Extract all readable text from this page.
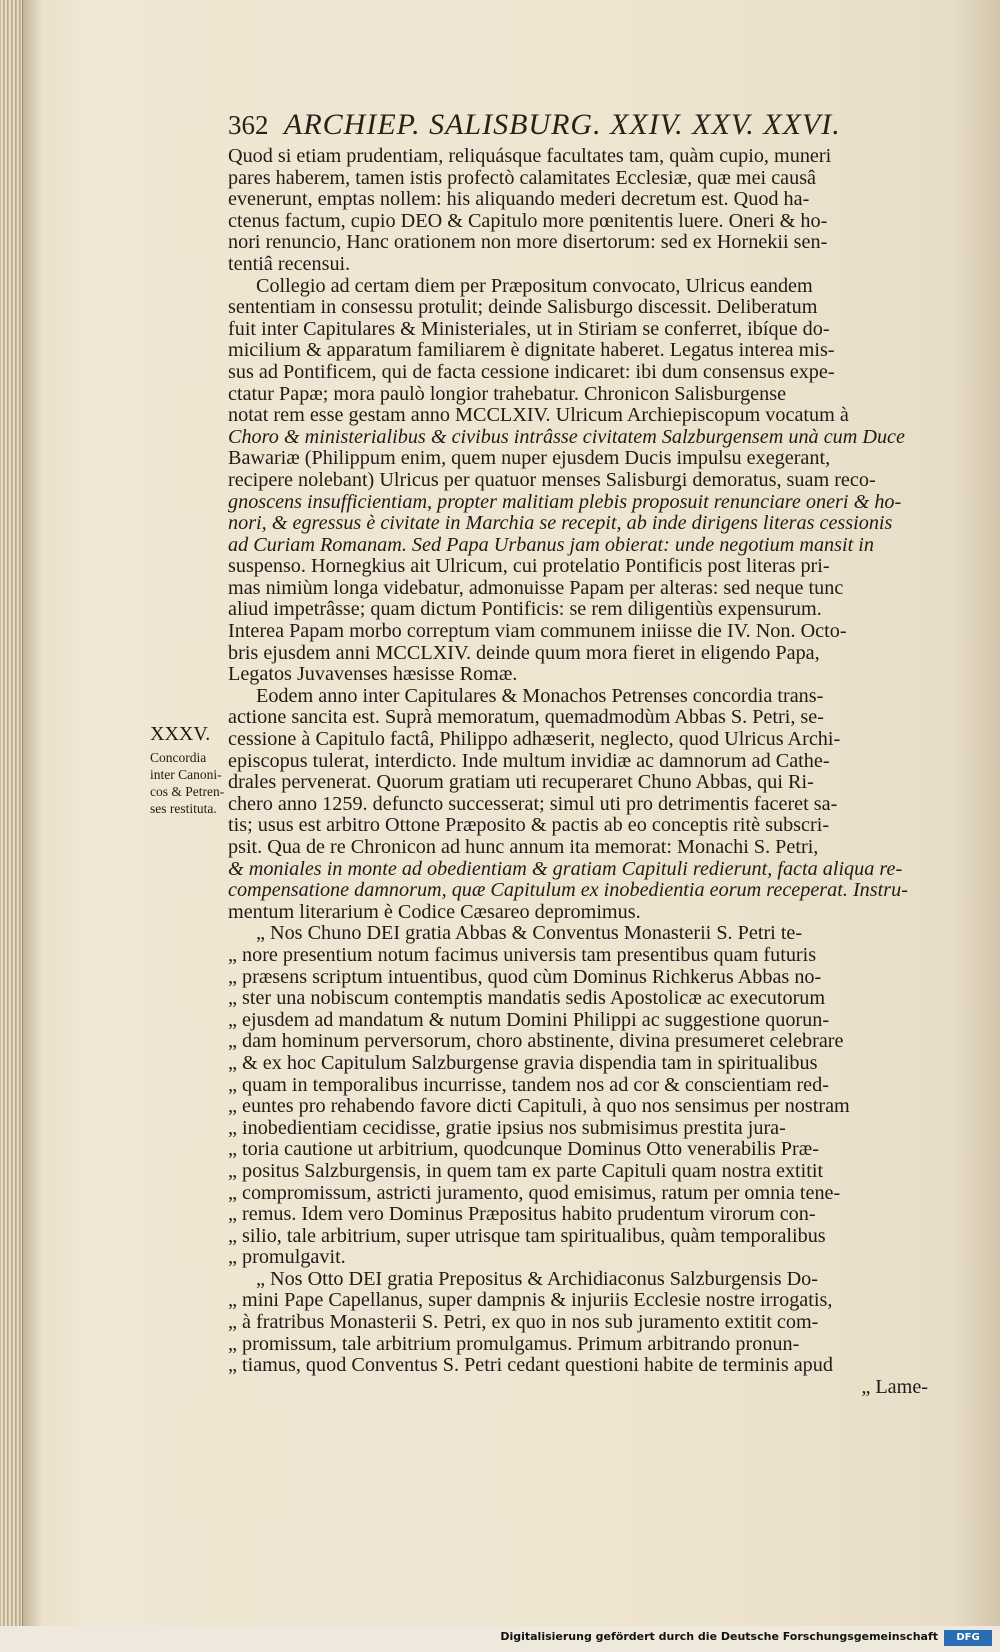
362 ARCHIEP. SALISBURG. XXIV. XXV. XXVI.
XXXV.
Concordia
inter Canoni-
cos & Petren-
ses restituta.
Quod si etiam prudentiam, reliquásque facultates tam, quàm cupio, muneri
pares haberem, tamen istis profectò calamitates Ecclesiæ, quæ mei causâ
evenerunt, emptas nollem: his aliquando mederi decretum est. Quod ha-
ctenus factum, cupio DEO & Capitulo more pœnitentis luere. Oneri & ho-
nori renuncio, Hanc orationem non more disertorum: sed ex Hornekii sen-
tentiâ recensui.
Collegio ad certam diem per Præpositum convocato, Ulricus eandem
sententiam in consessu protulit; deinde Salisburgo discessit. Deliberatum
fuit inter Capitulares & Ministeriales, ut in Stiriam se conferret, ibíque do-
micilium & apparatum familiarem è dignitate haberet. Legatus interea mis-
sus ad Pontificem, qui de facta cessione indicaret: ibi dum consensus expe-
ctatur Papæ; mora paulò longior trahebatur. Chronicon Salisburgense
notat rem esse gestam anno MCCLXIV. Ulricum Archiepiscopum vocatum à
Choro & ministerialibus & civibus intrâsse civitatem Salzburgensem unà cum Duce
Bawariæ (Philippum enim, quem nuper ejusdem Ducis impulsu exegerant,
recipere nolebant) Ulricus per quatuor menses Salisburgi demoratus, suam reco-
gnoscens insufficientiam, propter malitiam plebis proposuit renunciare oneri & ho-
nori, & egressus è civitate in Marchia se recepit, ab inde dirigens literas cessionis
ad Curiam Romanam. Sed Papa Urbanus jam obierat: unde negotium mansit in
suspenso. Hornegkius ait Ulricum, cui protelatio Pontificis post literas pri-
mas nimiùm longa videbatur, admonuisse Papam per alteras: sed neque tunc
aliud impetrâsse; quam dictum Pontificis: se rem diligentiùs expensurum.
Interea Papam morbo correptum viam communem iniisse die IV. Non. Octo-
bris ejusdem anni MCCLXIV. deinde quum mora fieret in eligendo Papa,
Legatos Juvavenses hæsisse Romæ.
Eodem anno inter Capitulares & Monachos Petrenses concordia trans-
actione sancita est. Suprà memoratum, quemadmodùm Abbas S. Petri, se-
cessione à Capitulo factâ, Philippo adhæserit, neglecto, quod Ulricus Archi-
episcopus tulerat, interdicto. Inde multum invidiæ ac damnorum ad Cathe-
drales pervenerat. Quorum gratiam uti recuperaret Chuno Abbas, qui Ri-
chero anno 1259. defuncto successerat; simul uti pro detrimentis faceret sa-
tis; usus est arbitro Ottone Præposito & pactis ab eo conceptis ritè subscri-
psit. Qua de re Chronicon ad hunc annum ita memorat: Monachi S. Petri,
& moniales in monte ad obedientiam & gratiam Capituli redierunt, facta aliqua re-
compensatione damnorum, quæ Capitulum ex inobedientia eorum receperat. Instru-
mentum literarium è Codice Cæsareo depromimus.
„ Nos Chuno DEI gratia Abbas & Conventus Monasterii S. Petri te-
„ nore presentium notum facimus universis tam presentibus quam futuris
„ præsens scriptum intuentibus, quod cùm Dominus Richkerus Abbas no-
„ ster una nobiscum contemptis mandatis sedis Apostolicæ ac executorum
„ ejusdem ad mandatum & nutum Domini Philippi ac suggestione quorun-
„ dam hominum perversorum, choro abstinente, divina presumeret celebrare
„ & ex hoc Capitulum Salzburgense gravia dispendia tam in spiritualibus
„ quam in temporalibus incurrisse, tandem nos ad cor & conscientiam red-
„ euntes pro rehabendo favore dicti Capituli, à quo nos sensimus per nostram
„ inobedientiam cecidisse, gratie ipsius nos submisimus prestita jura-
„ toria cautione ut arbitrium, quodcunque Dominus Otto venerabilis Præ-
„ positus Salzburgensis, in quem tam ex parte Capituli quam nostra extitit
„ compromissum, astricti juramento, quod emisimus, ratum per omnia tene-
„ remus. Idem vero Dominus Præpositus habito prudentum virorum con-
„ silio, tale arbitrium, super utrisque tam spiritualibus, quàm temporalibus
„ promulgavit.
„ Nos Otto DEI gratia Prepositus & Archidiaconus Salzburgensis Do-
„ mini Pape Capellanus, super dampnis & injuriis Ecclesie nostre irrogatis,
„ à fratribus Monasterii S. Petri, ex quo in nos sub juramento extitit com-
„ promissum, tale arbitrium promulgamus. Primum arbitrando pronun-
„ tiamus, quod Conventus S. Petri cedant questioni habite de terminis apud
„ Lame-
Digitalisierung gefördert durch die Deutsche Forschungsgemeinschaft	DFG
